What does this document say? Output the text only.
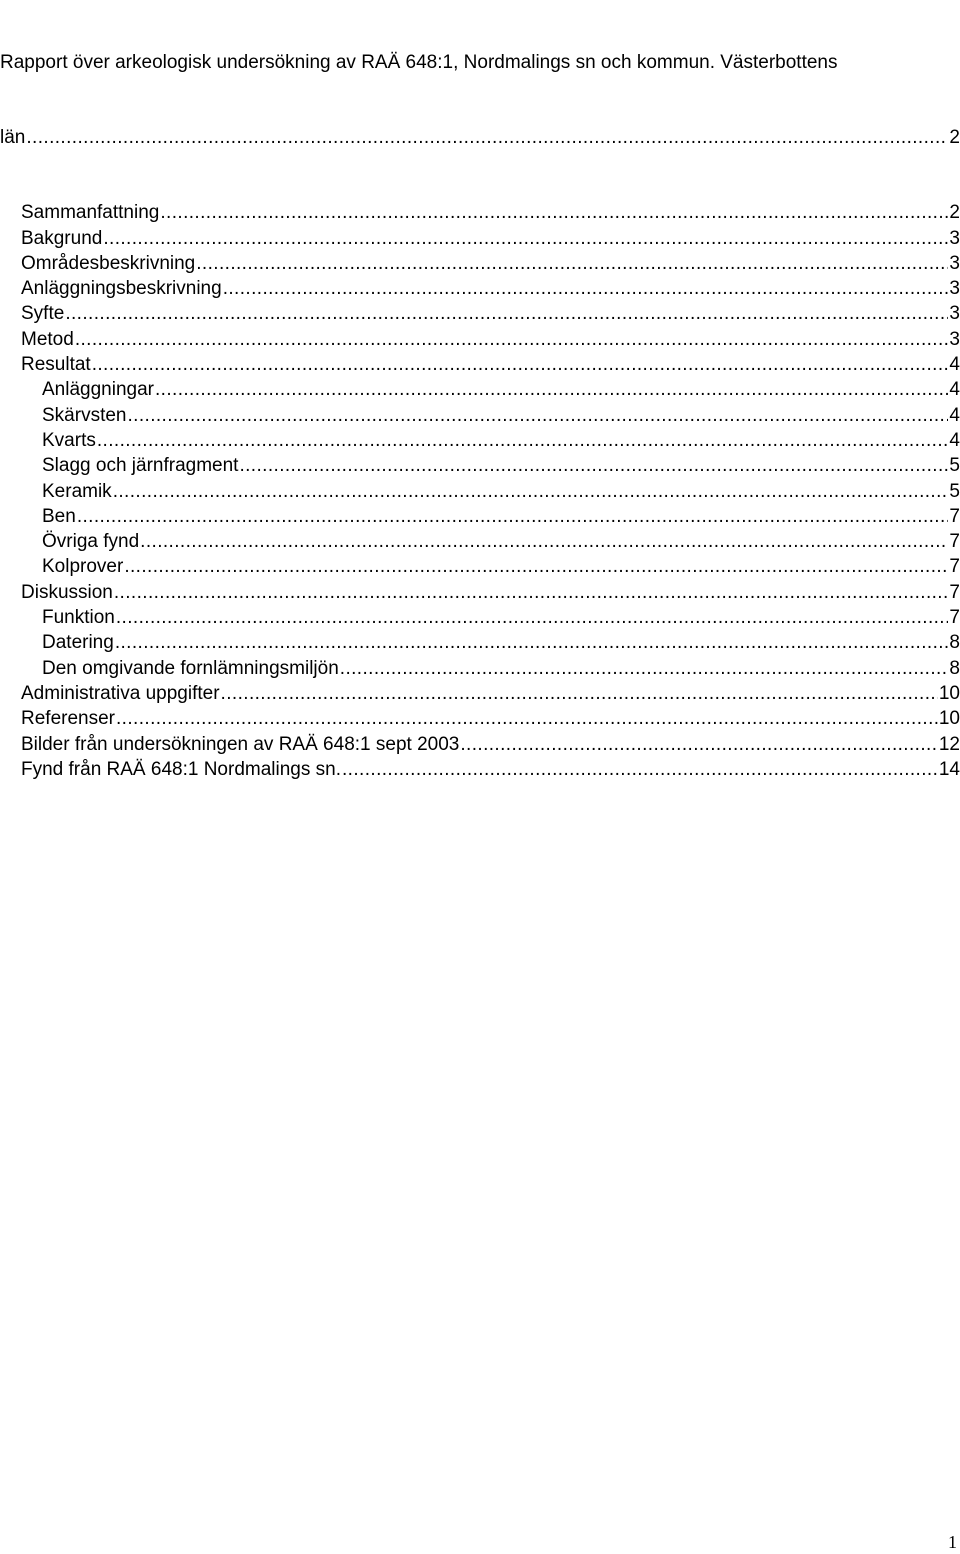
Rapport över arkeologisk undersökning av RAÄ 648:1, Nordmalings sn och kommun. Västerbottens

län .....	2

Sammanfattning .....	2
Bakgrund .....	3
Områdesbeskrivning .....	3
Anläggningsbeskrivning .....	3
Syfte .....	3
Metod .....	3
Resultat .....	4
Anläggningar .....	4
Skärvsten .....	4
Kvarts .....	4
Slagg och järnfragment .....	5
Keramik .....	5
Ben .....	7
Övriga fynd .....	7
Kolprover .....	7
Diskussion .....	7
Funktion .....	7
Datering .....	8
Den omgivande fornlämningsmiljön .....	8
Administrativa uppgifter .....	10
Referenser .....	10
Bilder från undersökningen av RAÄ 648:1 sept 2003 .....	12
Fynd från RAÄ 648:1 Nordmalings sn. .....	14
1
